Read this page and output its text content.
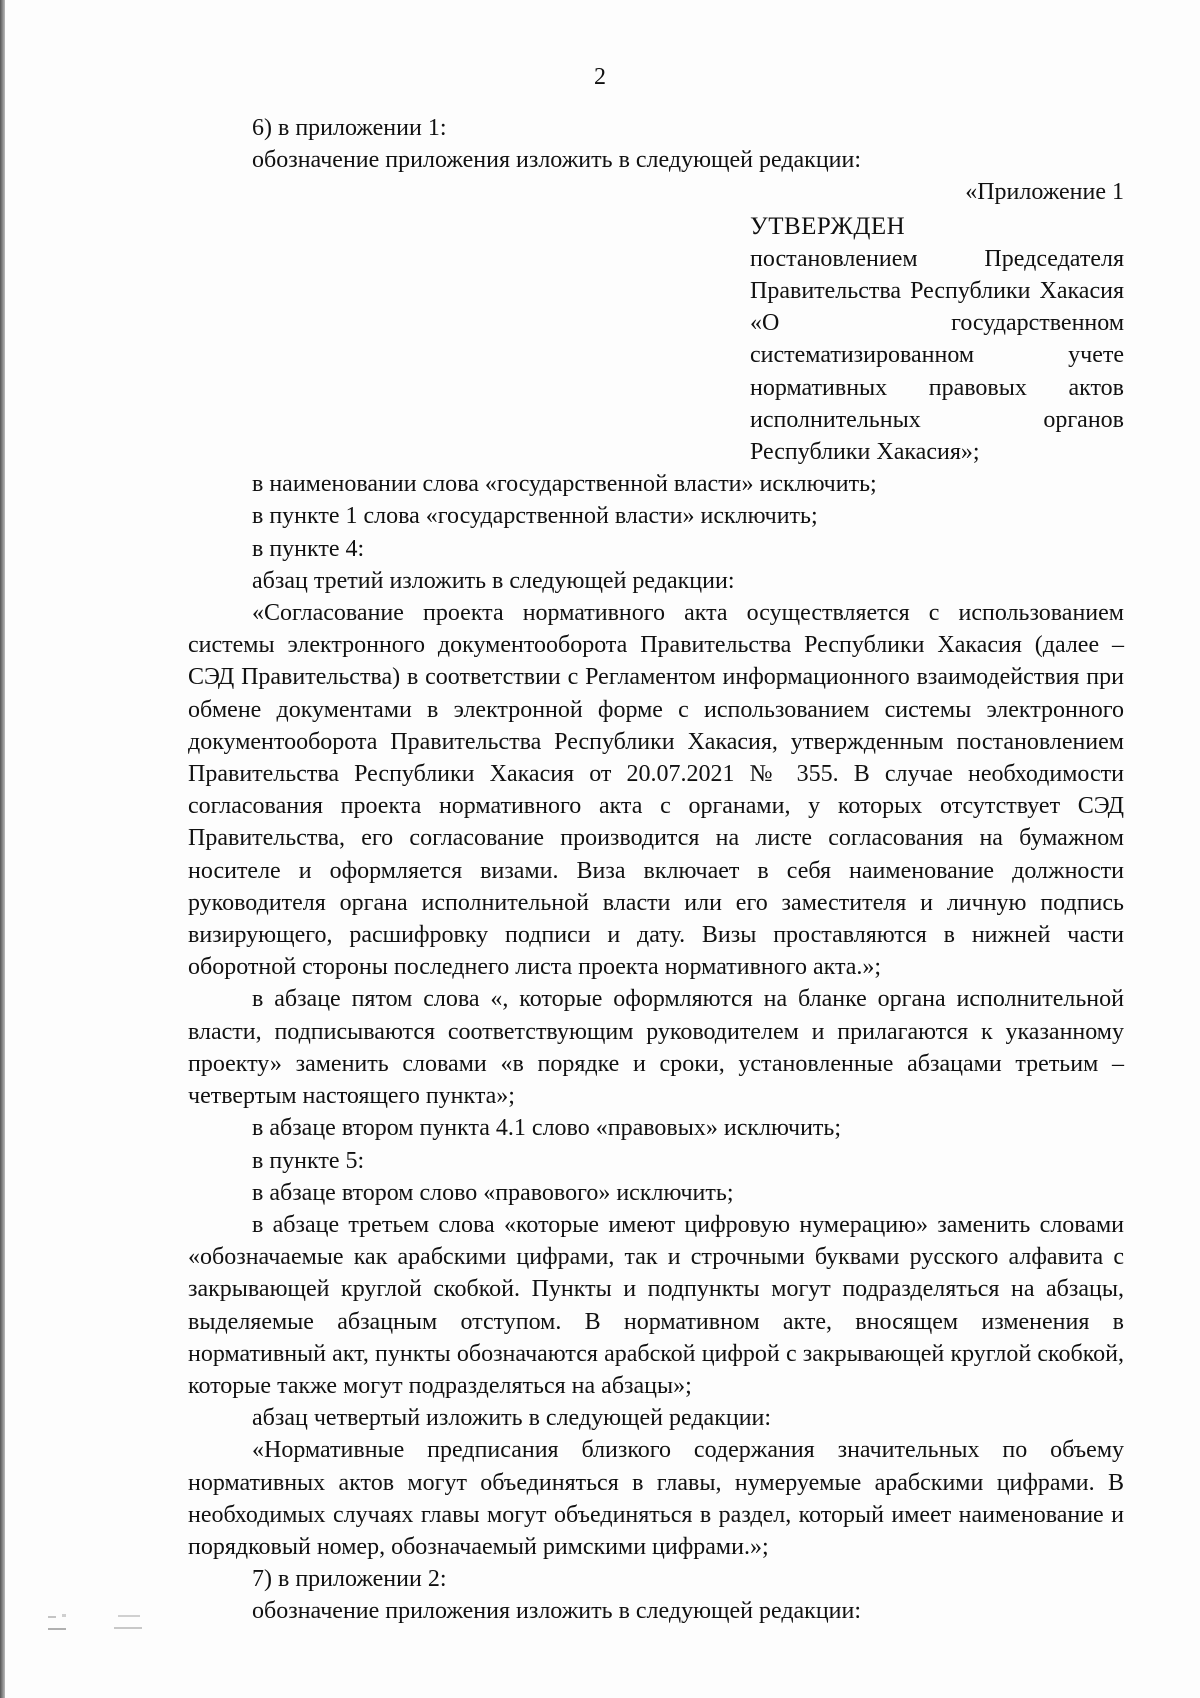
2

6) в приложении 1:

обозначение приложения изложить в следующей редакции:

«Приложение 1

УТВЕРЖДЕН
постановлением Председателя Правительства Республики Хакасия «О государственном систематизированном учете нормативных правовых актов исполнительных органов Республики Хакасия»;

в наименовании слова «государственной власти» исключить;

в пункте 1 слова «государственной власти» исключить;

в пункте 4:

абзац третий изложить в следующей редакции:

«Согласование проекта нормативного акта осуществляется с использованием системы электронного документооборота Правительства Республики Хакасия (далее – СЭД Правительства) в соответствии с Регламентом информационного взаимодействия при обмене документами в электронной форме с использованием системы электронного документооборота Правительства Республики Хакасия, утвержденным постановлением Правительства Республики Хакасия от 20.07.2021 № 355. В случае необходимости согласования проекта нормативного акта с органами, у которых отсутствует СЭД Правительства, его согласование производится на листе согласования на бумажном носителе и оформляется визами. Виза включает в себя наименование должности руководителя органа исполнительной власти или его заместителя и личную подпись визирующего, расшифровку подписи и дату. Визы проставляются в нижней части оборотной стороны последнего листа проекта нормативного акта.»;

в абзаце пятом слова «, которые оформляются на бланке органа исполнительной власти, подписываются соответствующим руководителем и прилагаются к указанному проекту» заменить словами «в порядке и сроки, установленные абзацами третьим – четвертым настоящего пункта»;

в абзаце втором пункта 4.1 слово «правовых» исключить;

в пункте 5:

в абзаце втором слово «правового» исключить;

в абзаце третьем слова «которые имеют цифровую нумерацию» заменить словами «обозначаемые как арабскими цифрами, так и строчными буквами русского алфавита с закрывающей круглой скобкой. Пункты и подпункты могут подразделяться на абзацы, выделяемые абзацным отступом. В нормативном акте, вносящем изменения в нормативный акт, пункты обозначаются арабской цифрой с закрывающей круглой скобкой, которые также могут подразделяться на абзацы»;

абзац четвертый изложить в следующей редакции:

«Нормативные предписания близкого содержания значительных по объему нормативных актов могут объединяться в главы, нумеруемые арабскими цифрами. В необходимых случаях главы могут объединяться в раздел, который имеет наименование и порядковый номер, обозначаемый римскими цифрами.»;

7) в приложении 2:

обозначение приложения изложить в следующей редакции:
